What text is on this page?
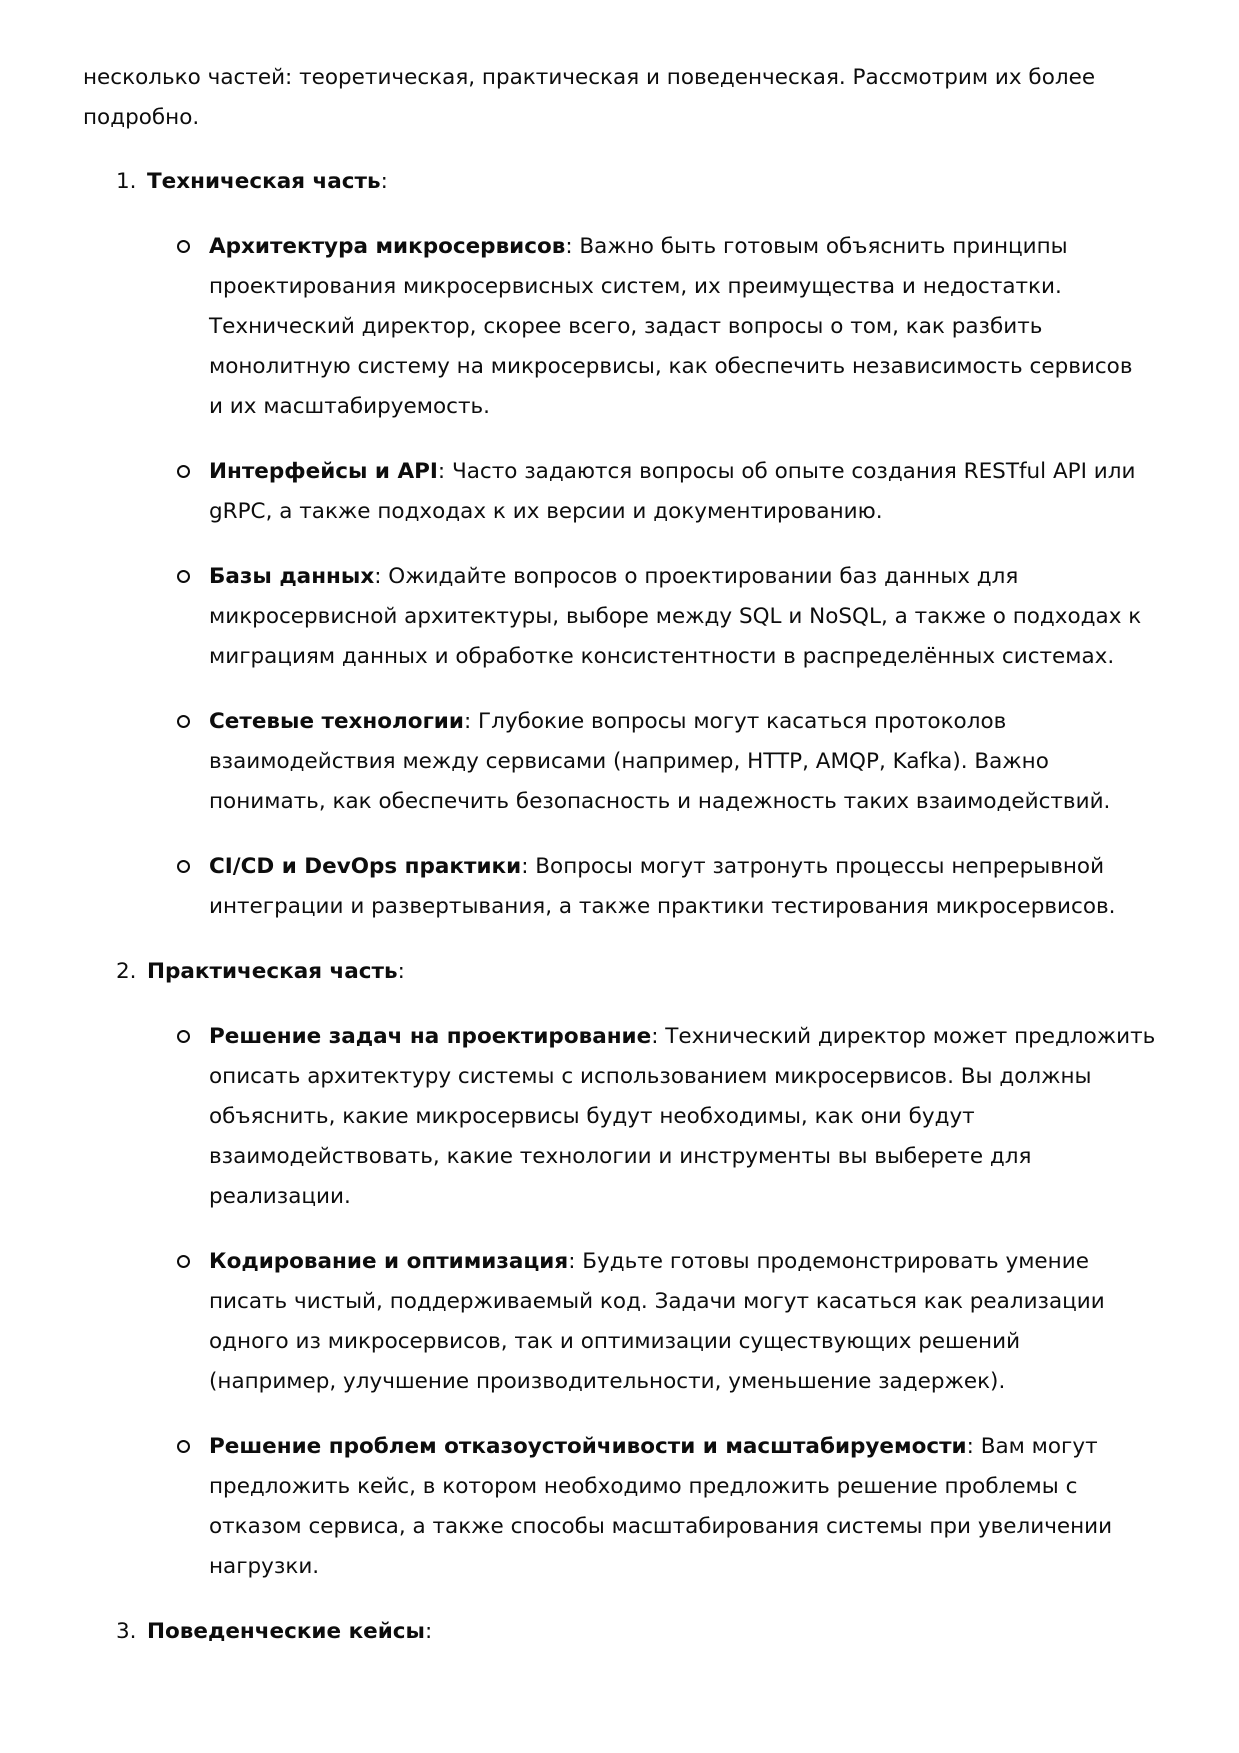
несколько частей: теоретическая, практическая и поведенческая. Рассмотрим их более
подробно.

1. Техническая часть:
Архитектура микросервисов: Важно быть готовым объяснить принципы
проектирования микросервисных систем, их преимущества и недостатки.
Технический директор, скорее всего, задаст вопросы о том, как разбить
монолитную систему на микросервисы, как обеспечить независимость сервисов
и их масштабируемость.
Интерфейсы и API: Часто задаются вопросы об опыте создания RESTful API или
gRPC, а также подходах к их версии и документированию.
Базы данных: Ожидайте вопросов о проектировании баз данных для
микросервисной архитектуры, выборе между SQL и NoSQL, а также о подходах к
миграциям данных и обработке консистентности в распределённых системах.
Сетевые технологии: Глубокие вопросы могут касаться протоколов
взаимодействия между сервисами (например, HTTP, AMQP, Kafka). Важно
понимать, как обеспечить безопасность и надежность таких взаимодействий.
CI/CD и DevOps практики: Вопросы могут затронуть процессы непрерывной
интеграции и развертывания, а также практики тестирования микросервисов.
2. Практическая часть:
Решение задач на проектирование: Технический директор может предложить
описать архитектуру системы с использованием микросервисов. Вы должны
объяснить, какие микросервисы будут необходимы, как они будут
взаимодействовать, какие технологии и инструменты вы выберете для
реализации.
Кодирование и оптимизация: Будьте готовы продемонстрировать умение
писать чистый, поддерживаемый код. Задачи могут касаться как реализации
одного из микросервисов, так и оптимизации существующих решений
(например, улучшение производительности, уменьшение задержек).
Решение проблем отказоустойчивости и масштабируемости: Вам могут
предложить кейс, в котором необходимо предложить решение проблемы с
отказом сервиса, а также способы масштабирования системы при увеличении
нагрузки.
3. Поведенческие кейсы:
